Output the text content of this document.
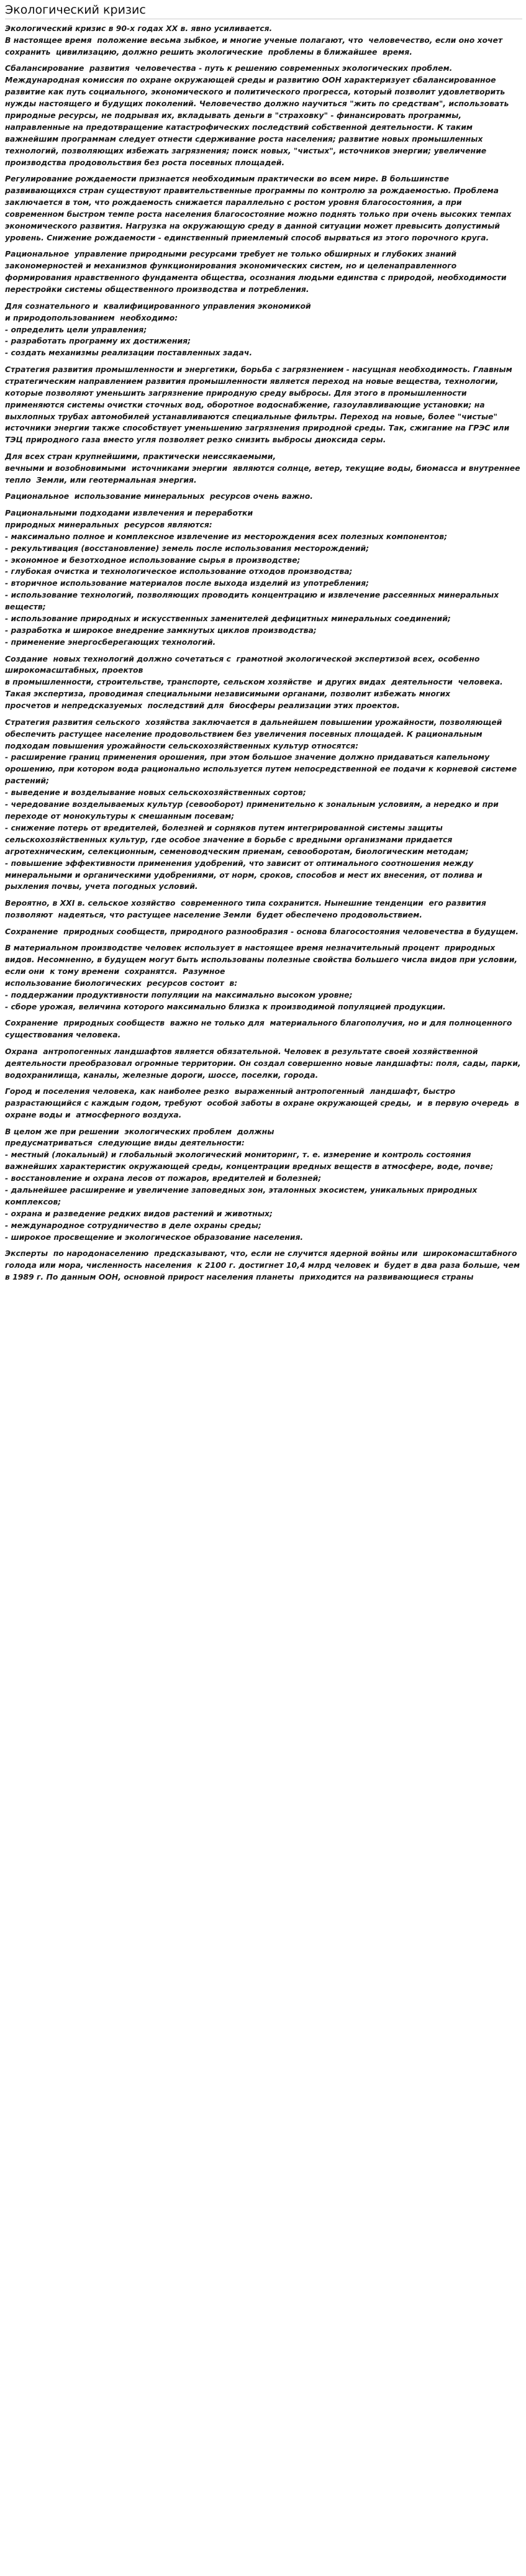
Экологический кризис

Экологический кризис в 90-х годах XX в. явно усиливается.
В настоящее время  положение весьма зыбкое, и многие ученые полагают, что  человечество, если оно хочет сохранить  цивилизацию, должно решить экологические  проблемы в ближайшее  время.

Сбалансирование  развития  человечества - путь к решению современных экологических проблем. Международная комиссия по охране окружающей среды и развитию ООН характеризует сбалансированное развитие как путь социального, экономического и политического прогресса, который позволит удовлетворить нужды настоящего и будущих поколений. Человечество должно научиться "жить по средствам", использовать природные ресурсы, не подрывая их, вкладывать деньги в "страховку" - финансировать программы, направленные на предотвращение катастрофических последствий собственной деятельности. К таким важнейшим программам следует отнести сдерживание роста населения; развитие новых промышленных технологий, позволяющих избежать загрязнения; поиск новых, "чистых", источников энергии; увеличение производства продовольствия без роста посевных площадей.

Регулирование рождаемости признается необходимым практически во всем мире. В большинстве развивающихся стран существуют правительственные программы по контролю за рождаемостью. Проблема заключается в том, что рождаемость снижается параллельно с ростом уровня благосостояния, а при современном быстром темпе роста населения благосостояние можно поднять только при очень высоких темпах экономического развития. Нагрузка на окружающую среду в данной ситуации может превысить допустимый уровень. Снижение рождаемости - единственный приемлемый способ вырваться из этого порочного круга.

Рациональное  управление природными ресурсами требует не только обширных и глубоких знаний закономерностей и механизмов функционирования экономических систем, но и целенаправленного формирования нравственного фундамента общества, осознания людьми единства с природой, необходимости перестройки системы общественного производства и потребления.

Для сознательного и  квалифицированного управления экономикой
и природопользованием  необходимо:
- определить цели управления;
- разработать программу их достижения;
- создать механизмы реализации поставленных задач.

Стратегия развития промышленности и энергетики, борьба с загрязнением - насущная необходимость. Главным стратегическим направлением развития промышленности является переход на новые вещества, технологии, которые позволяют уменьшить загрязнение природную среду выбросы. Для этого в промышленности применяются системы очистки сточных вод, оборотное водоснабжение, газоулавливающие установки; на выхлопных трубах автомобилей устанавливаются специальные фильтры. Переход на новые, более "чистые" источники энергии также способствует уменьшению загрязнения природной среды. Так, сжигание на ГРЭС или ТЭЦ природного газа вместо угля позволяет резко снизить выбросы диоксида серы.

Для всех стран крупнейшими, практически неиссякаемыми,
вечными и возобновимыми  источниками энергии  являются солнце, ветер, текущие воды, биомасса и внутреннее тепло  Земли, или геотермальная энергия.

Рациональное  использование минеральных  ресурсов очень важно.

Рациональными подходами извлечения и переработки
природных минеральных  ресурсов являются:
- максимально полное и комплексное извлечение из месторождения всех полезных компонентов;
- рекультивация (восстановление) земель после использования месторождений;
- экономное и безотходное использование сырья в производстве;
- глубокая очистка и технологическое использование отходов производства;
- вторичное использование материалов после выхода изделий из употребления;
- использование технологий, позволяющих проводить концентрацию и извлечение рассеянных минеральных веществ;
- использование природных и искусственных заменителей дефицитных минеральных соединений;
- разработка и широкое внедрение замкнутых циклов производства;
- применение энергосберегающих технологий.

Создание  новых технологий должно сочетаться с  грамотной экологической экспертизой всех, особенно широкомасштабных, проектов
в промышленности, строительстве, транспорте, сельском хозяйстве  и других видах  деятельности  человека. Такая экспертиза, проводимая специальными независимыми органами, позволит избежать многих
просчетов и непредсказуемых  последствий для  биосферы реализации этих проектов.

Стратегия развития сельского  хозяйства заключается в дальнейшем повышении урожайности, позволяющей обеспечить растущее население продовольствием без увеличения посевных площадей. К рациональным подходам повышения урожайности сельскохозяйственных культур относятся:
- расширение границ применения орошения, при этом большое значение должно придаваться капельному орошению, при котором вода рационально используется путем непосредственной ее подачи к корневой системе растений;
- выведение и возделывание новых сельскохозяйственных сортов;
- чередование возделываемых культур (севооборот) применительно к зональным условиям, а нередко и при переходе от монокультуры к смешанным посевам;
- снижение потерь от вредителей, болезней и сорняков путем интегрированной системы защиты сельскохозяйственных культур, где особое значение в борьбе с вредными организмами придается агротехническим, селекционным, семеноводческим приемам, севооборотам, биологическим методам;
- повышение эффективности применения удобрений, что зависит от оптимального соотношения между минеральными и органическими удобрениями, от норм, сроков, способов и мест их внесения, от полива и рыхления почвы, учета погодных условий.

Вероятно, в XXI в. сельское хозяйство  современного типа сохранится. Нынешние тенденции  его развития позволяют  надеяться, что растущее население Земли  будет обеспечено продовольствием.

Сохранение  природных сообществ, природного разнообразия - основа благосостояния человечества в будущем.

В материальном производстве человек использует в настоящее время незначительный процент  природных видов. Несомненно, в будущем могут быть использованы полезные свойства большего числа видов при условии, если они  к тому времени  сохранятся.  Разумное
использование биологических  ресурсов состоит  в:
- поддержании продуктивности популяции на максимально высоком уровне;
- сборе урожая, величина которого максимально близка к производимой популяцией продукции.

Сохранение  природных сообществ  важно не только для  материального благополучия, но и для полноценного
существования человека.

Охрана  антропогенных ландшафтов является обязательной. Человек в результате своей хозяйственной деятельности преобразовал огромные территории. Он создал совершенно новые ландшафты: поля, сады, парки, водохранилища, каналы, железные дороги, шоссе, поселки, города.

Город и поселения человека, как наиболее резко  выраженный антропогенный  ландшафт, быстро разрастающийся с каждым годом, требуют  особой заботы в охране окружающей среды,  и  в первую очередь  в охране воды и  атмосферного воздуха.

В целом же при решении  экологических проблем  должны
предусматриваться  следующие виды деятельности:
- местный (локальный) и глобальный экологический мониторинг, т. е. измерение и контроль состояния важнейших характеристик окружающей среды, концентрации вредных веществ в атмосфере, воде, почве;
- восстановление и охрана лесов от пожаров, вредителей и болезней;
- дальнейшее расширение и увеличение заповедных зон, эталонных экосистем, уникальных природных комплексов;
- охрана и разведение редких видов растений и животных;
- международное сотрудничество в деле охраны среды;
- широкое просвещение и экологическое образование населения.

Эксперты  по народонаселению  предсказывают, что, если не случится ядерной войны или  широкомасштабного голода или мора, численность населения  к 2100 г. достигнет 10,4 млрд человек и  будет в два раза больше, чем  в 1989 г. По данным ООН, основной прирост населения планеты  приходится на развивающиеся страны
